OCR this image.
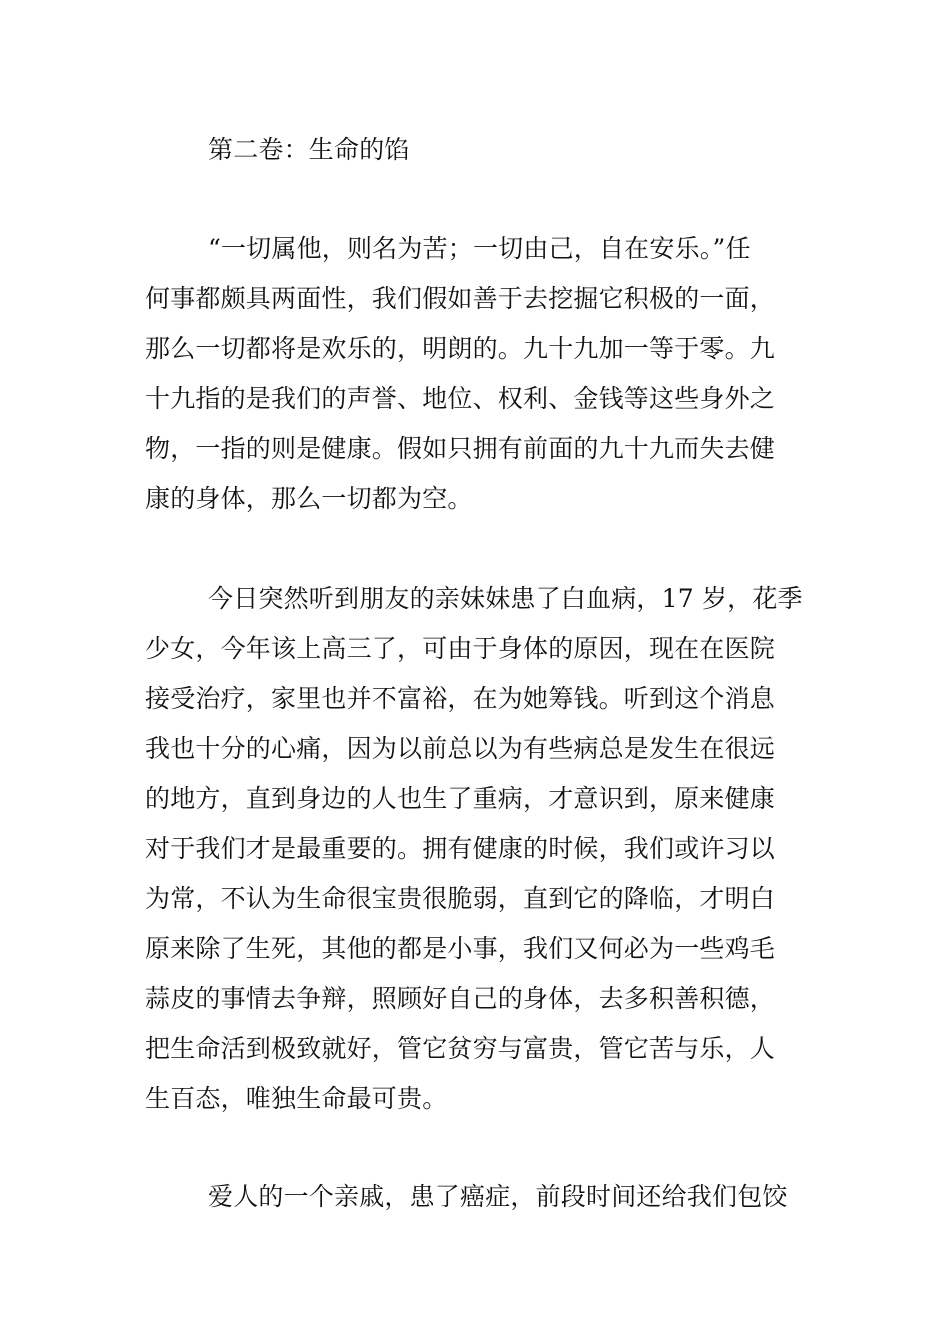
第二卷：生命的馅
“一切属他，则名为苦；一切由己，自在安乐。”任
何事都颇具两面性，我们假如善于去挖掘它积极的一面，
那么一切都将是欢乐的，明朗的。九十九加一等于零。九
十九指的是我们的声誉、地位、权利、金钱等这些身外之
物，一指的则是健康。假如只拥有前面的九十九而失去健
康的身体，那么一切都为空。
今日突然听到朋友的亲妹妹患了白血病，17 岁，花季
少女，今年该上高三了，可由于身体的原因，现在在医院
接受治疗，家里也并不富裕，在为她筹钱。听到这个消息
我也十分的心痛，因为以前总以为有些病总是发生在很远
的地方，直到身边的人也生了重病，才意识到，原来健康
对于我们才是最重要的。拥有健康的时候，我们或许习以
为常，不认为生命很宝贵很脆弱，直到它的降临，才明白
原来除了生死，其他的都是小事，我们又何必为一些鸡毛
蒜皮的事情去争辩，照顾好自己的身体，去多积善积德，
把生命活到极致就好，管它贫穷与富贵，管它苦与乐，人
生百态，唯独生命最可贵。
爱人的一个亲戚，患了癌症，前段时间还给我们包饺
